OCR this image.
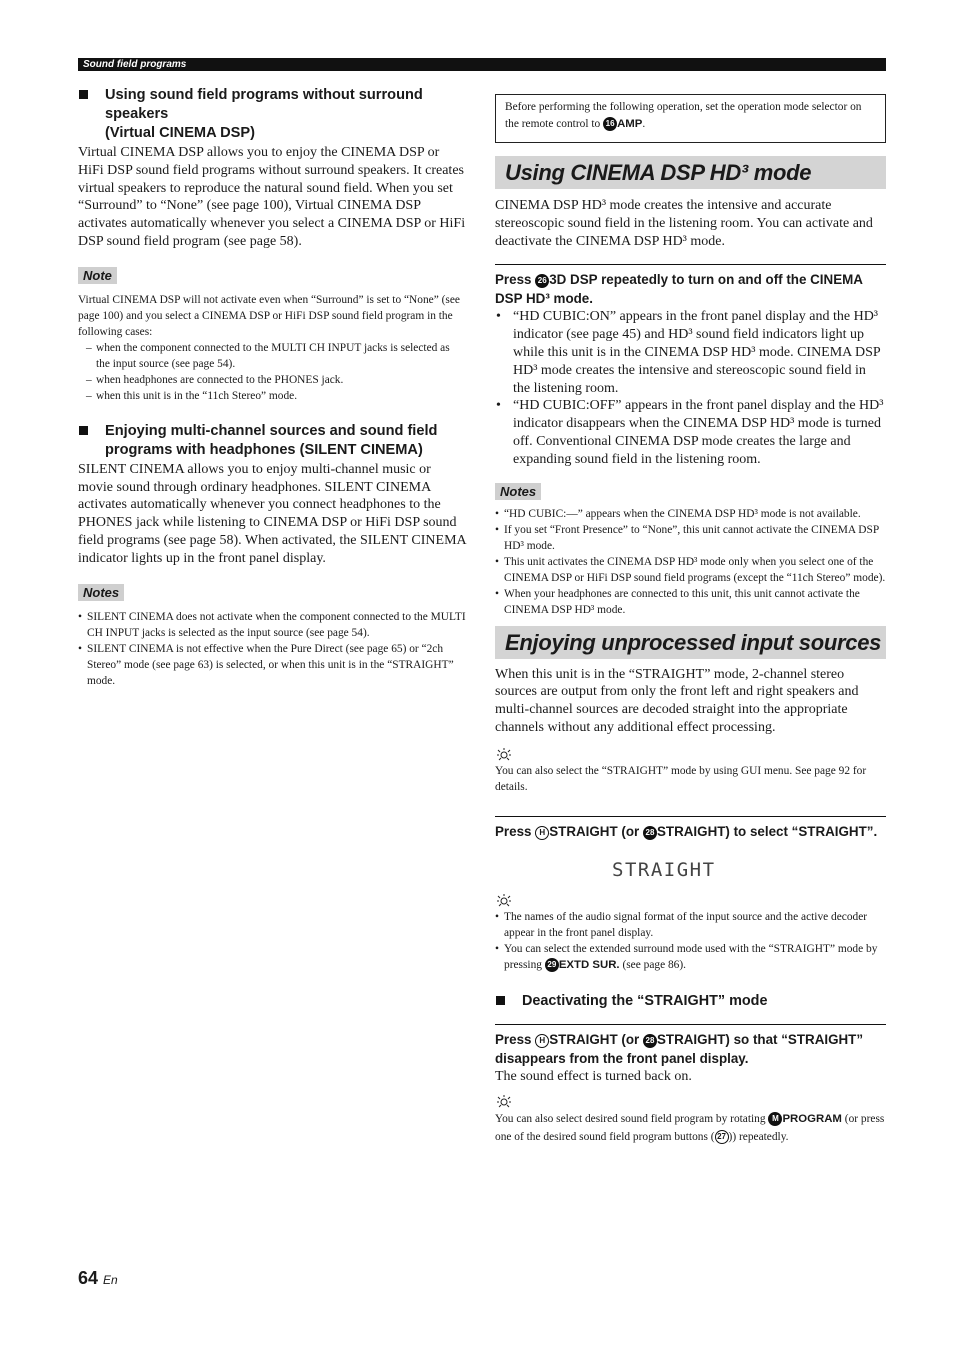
Sound field programs
Using sound field programs without surround speakers
(Virtual CINEMA DSP)

Virtual CINEMA DSP allows you to enjoy the CINEMA DSP or HiFi DSP sound field programs without surround speakers. It creates virtual speakers to reproduce the natural sound field. When you set “Surround” to “None” (see page 100), Virtual CINEMA DSP activates automatically whenever you select a CINEMA DSP or HiFi DSP sound field program (see page 58).

Note

Virtual CINEMA DSP will not activate even when “Surround” is set to “None” (see page 100) and you select a CINEMA DSP or HiFi DSP sound field program in the following cases:

– when the component connected to the MULTI CH INPUT jacks is selected as the input source (see page 54).
– when headphones are connected to the PHONES jack.
– when this unit is in the “11ch Stereo” mode.
Enjoying multi-channel sources and sound field programs with headphones (SILENT CINEMA)

SILENT CINEMA allows you to enjoy multi-channel music or movie sound through ordinary headphones. SILENT CINEMA activates automatically whenever you connect headphones to the PHONES jack while listening to CINEMA DSP or HiFi DSP sound field programs (see page 58). When activated, the SILENT CINEMA indicator lights up in the front panel display.

Notes
• SILENT CINEMA does not activate when the component connected to the MULTI CH INPUT jacks is selected as the input source (see page 54).
• SILENT CINEMA is not effective when the Pure Direct (see page 65) or “2ch Stereo” mode (see page 63) is selected, or when this unit is in the “STRAIGHT” mode.
Before performing the following operation, set the operation mode selector on the remote control to 16 AMP.
Using CINEMA DSP HD³ mode

CINEMA DSP HD³ mode creates the intensive and accurate stereoscopic sound field in the listening room. You can activate and deactivate the CINEMA DSP HD³ mode.

Press 26 3D DSP repeatedly to turn on and off the CINEMA DSP HD³ mode.

• “HD CUBIC:ON” appears in the front panel display and the HD³ indicator (see page 45) and HD³ sound field indicators light up while this unit is in the CINEMA DSP HD³ mode. CINEMA DSP HD³ mode creates the intensive and stereoscopic sound field in the listening room.
• “HD CUBIC:OFF” appears in the front panel display and the HD³ indicator disappears when the CINEMA DSP HD³ mode is turned off. Conventional CINEMA DSP mode creates the large and expanding sound field in the listening room.
Notes
• “HD CUBIC:––” appears when the CINEMA DSP HD³ mode is not available.
• If you set “Front Presence” to “None”, this unit cannot activate the CINEMA DSP HD³ mode.
• This unit activates the CINEMA DSP HD³ mode only when you select one of the CINEMA DSP or HiFi DSP sound field programs (except the “11ch Stereo” mode).
• When your headphones are connected to this unit, this unit cannot activate the CINEMA DSP HD³ mode.
Enjoying unprocessed input sources

When this unit is in the “STRAIGHT” mode, 2-channel stereo sources are output from only the front left and right speakers and multi-channel sources are decoded straight into the appropriate channels without any additional effect processing.

You can also select the “STRAIGHT” mode by using GUI menu. See page 92 for details.

Press H STRAIGHT (or 28 STRAIGHT) to select “STRAIGHT”.

STRAIGHT
• The names of the audio signal format of the input source and the active decoder appear in the front panel display.
• You can select the extended surround mode used with the “STRAIGHT” mode by pressing 29 EXTD SUR. (see page 86).
Deactivating the “STRAIGHT” mode

Press H STRAIGHT (or 28 STRAIGHT) so that “STRAIGHT” disappears from the front panel display.

The sound effect is turned back on.

You can also select desired sound field program by rotating M PROGRAM (or press one of the desired sound field program buttons ( 27 )) repeatedly.

64 En
